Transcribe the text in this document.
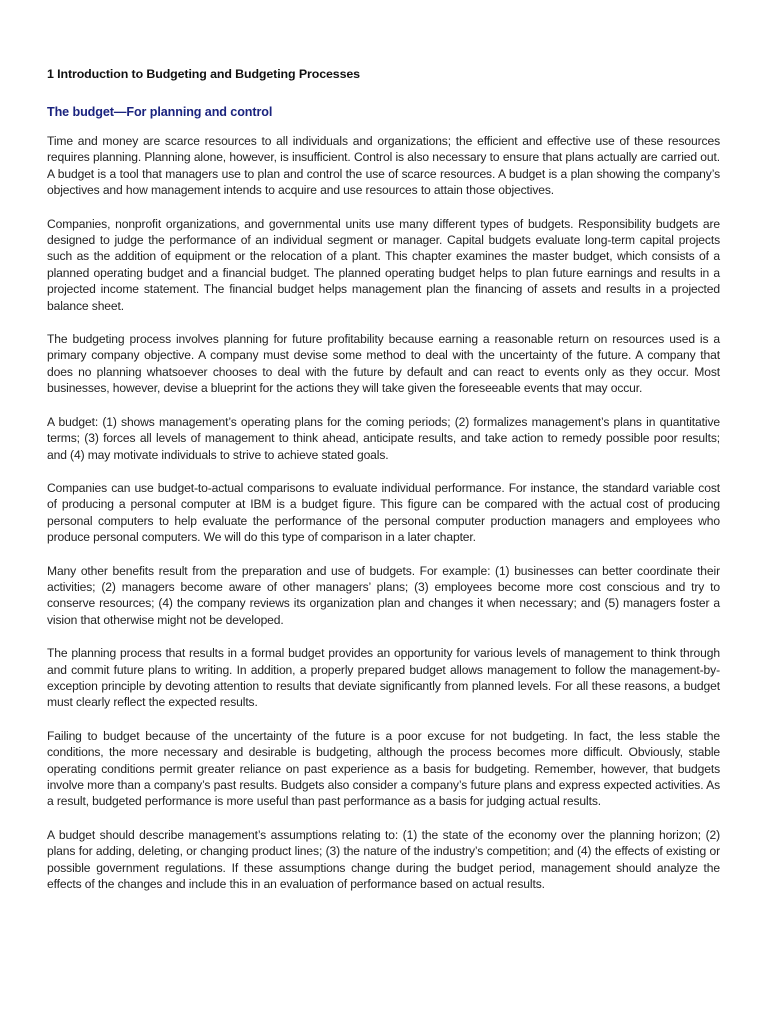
1 Introduction to Budgeting and Budgeting Processes
The budget—For planning and control

Time and money are scarce resources to all individuals and organizations; the efficient and effective use of these resources requires planning. Planning alone, however, is insufficient. Control is also necessary to ensure that plans actually are carried out. A budget is a tool that managers use to plan and control the use of scarce resources. A budget is a plan showing the company’s objectives and how management intends to acquire and use resources to attain those objectives.

Companies, nonprofit organizations, and governmental units use many different types of budgets. Responsibility budgets are designed to judge the performance of an individual segment or manager. Capital budgets evaluate long-term capital projects such as the addition of equipment or the relocation of a plant. This chapter examines the master budget, which consists of a planned operating budget and a financial budget. The planned operating budget helps to plan future earnings and results in a projected income statement. The financial budget helps management plan the financing of assets and results in a projected balance sheet.

The budgeting process involves planning for future profitability because earning a reasonable return on resources used is a primary company objective. A company must devise some method to deal with the uncertainty of the future. A company that does no planning whatsoever chooses to deal with the future by default and can react to events only as they occur. Most businesses, however, devise a blueprint for the actions they will take given the foreseeable events that may occur.

A budget: (1) shows management’s operating plans for the coming periods; (2) formalizes management’s plans in quantitative terms; (3) forces all levels of management to think ahead, anticipate results, and take action to remedy possible poor results; and (4) may motivate individuals to strive to achieve stated goals.

Companies can use budget-to-actual comparisons to evaluate individual performance. For instance, the standard variable cost of producing a personal computer at IBM is a budget figure. This figure can be compared with the actual cost of producing personal computers to help evaluate the performance of the personal computer production managers and employees who produce personal computers. We will do this type of comparison in a later chapter.

Many other benefits result from the preparation and use of budgets. For example: (1) businesses can better coordinate their activities; (2) managers become aware of other managers’ plans; (3) employees become more cost conscious and try to conserve resources; (4) the company reviews its organization plan and changes it when necessary; and (5) managers foster a vision that otherwise might not be developed.

The planning process that results in a formal budget provides an opportunity for various levels of management to think through and commit future plans to writing. In addition, a properly prepared budget allows management to follow the management-by-exception principle by devoting attention to results that deviate significantly from planned levels. For all these reasons, a budget must clearly reflect the expected results.

Failing to budget because of the uncertainty of the future is a poor excuse for not budgeting. In fact, the less stable the conditions, the more necessary and desirable is budgeting, although the process becomes more difficult. Obviously, stable operating conditions permit greater reliance on past experience as a basis for budgeting. Remember, however, that budgets involve more than a company’s past results. Budgets also consider a company’s future plans and express expected activities. As a result, budgeted performance is more useful than past performance as a basis for judging actual results.

A budget should describe management’s assumptions relating to: (1) the state of the economy over the planning horizon; (2) plans for adding, deleting, or changing product lines; (3) the nature of the industry’s competition; and (4) the effects of existing or possible government regulations. If these assumptions change during the budget period, management should analyze the effects of the changes and include this in an evaluation of performance based on actual results.
